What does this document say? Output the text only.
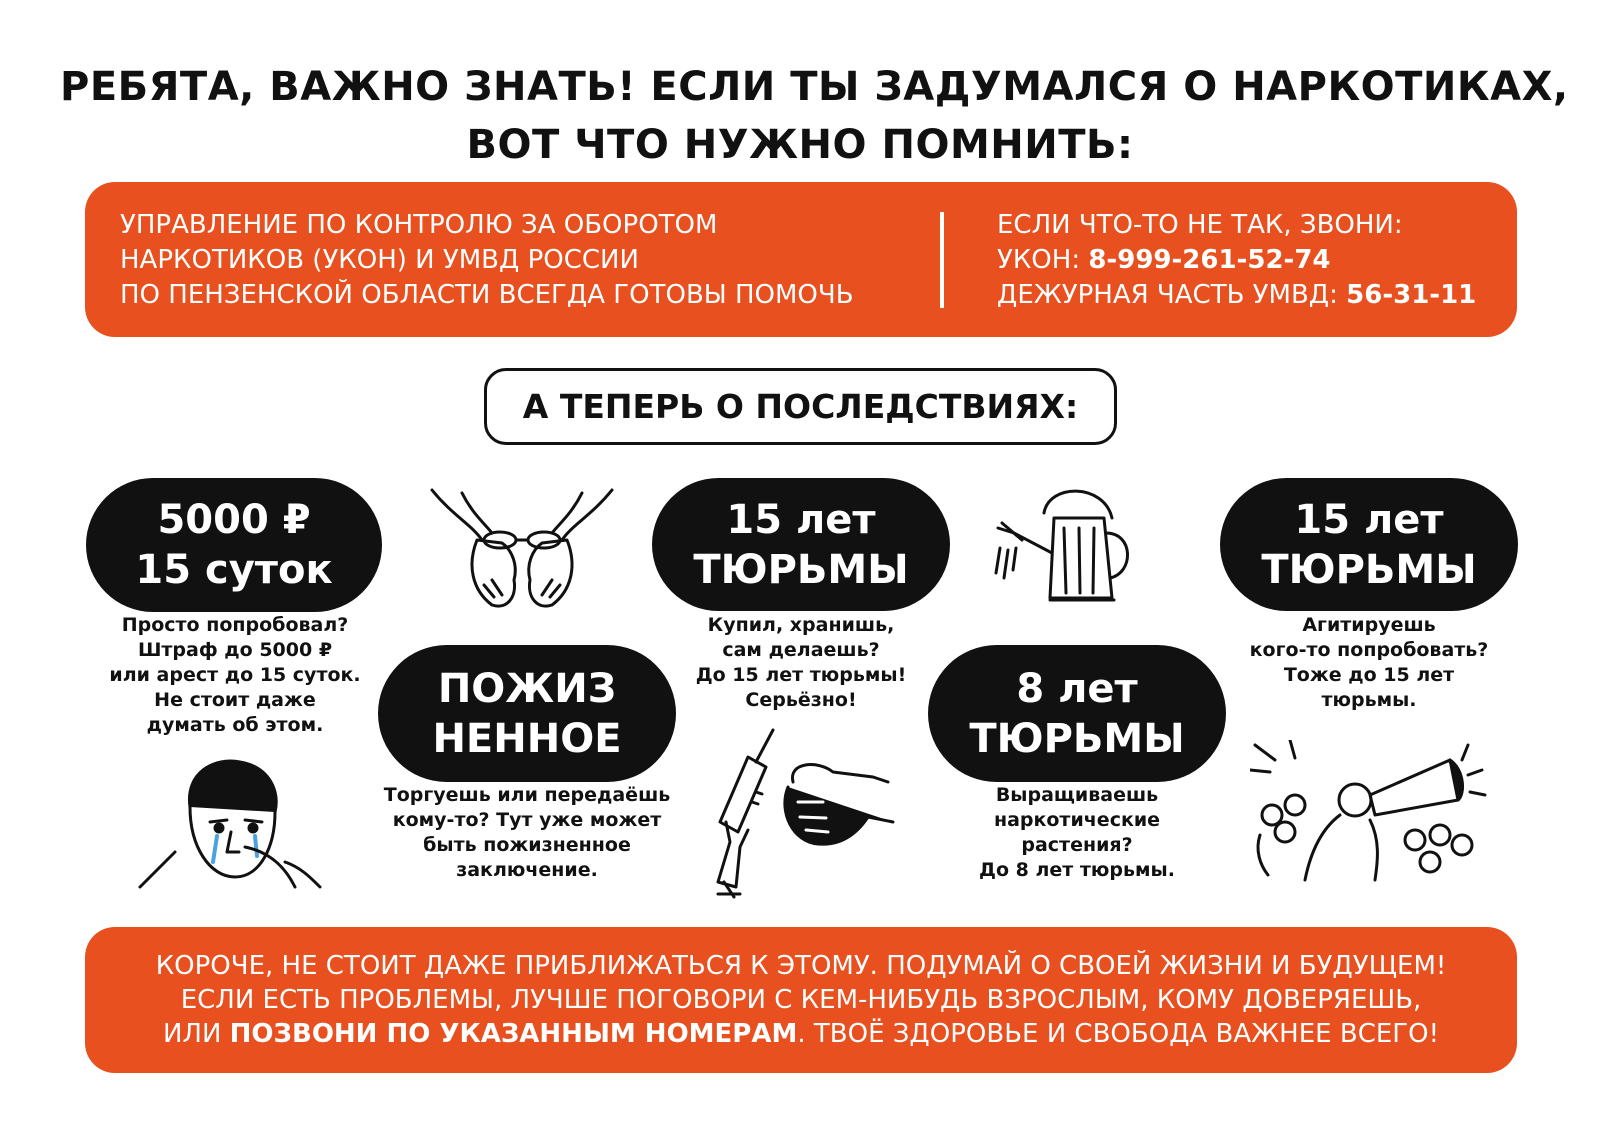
РЕБЯТА, ВАЖНО ЗНАТЬ! ЕСЛИ ТЫ ЗАДУМАЛСЯ О НАРКОТИКАХ,
ВОТ ЧТО НУЖНО ПОМНИТЬ:
УПРАВЛЕНИЕ ПО КОНТРОЛЮ ЗА ОБОРОТОМ
НАРКОТИКОВ (УКОН) И УМВД РОССИИ
ПО ПЕНЗЕНСКОЙ ОБЛАСТИ ВСЕГДА ГОТОВЫ ПОМОЧЬ
ЕСЛИ ЧТО-ТО НЕ ТАК, ЗВОНИ:
УКОН: 8-999-261-52-74
ДЕЖУРНАЯ ЧАСТЬ УМВД: 56-31-11
А ТЕПЕРЬ О ПОСЛЕДСТВИЯХ:
5000 ₽
15 суток
Просто попробовал?
Штраф до 5000 ₽
или арест до 15 суток.
Не стоит даже
думать об этом.
ПОЖИЗ
НЕННОЕ
Торгуешь или передаёшь
кому-то? Тут уже может
быть пожизненное
заключение.
15 лет
ТЮРЬМЫ
Купил, хранишь,
сам делаешь?
До 15 лет тюрьмы!
Серьёзно!	8 лет
ТЮРЬМЫ
Выращиваешь
наркотические
растения?
До 8 лет тюрьмы.
15 лет
ТЮРЬМЫ
Агитируешь
кого-то попробовать?
Тоже до 15 лет
тюрьмы.
КОРОЧЕ, НЕ СТОИТ ДАЖЕ ПРИБЛИЖАТЬСЯ К ЭТОМУ. ПОДУМАЙ О СВОЕЙ ЖИЗНИ И БУДУЩЕМ!
ЕСЛИ ЕСТЬ ПРОБЛЕМЫ, ЛУЧШЕ ПОГОВОРИ С КЕМ-НИБУДЬ ВЗРОСЛЫМ, КОМУ ДОВЕРЯЕШЬ,
ИЛИ ПОЗВОНИ ПО УКАЗАННЫМ НОМЕРАМ. ТВОЁ ЗДОРОВЬЕ И СВОБОДА ВАЖНЕЕ ВСЕГО!
